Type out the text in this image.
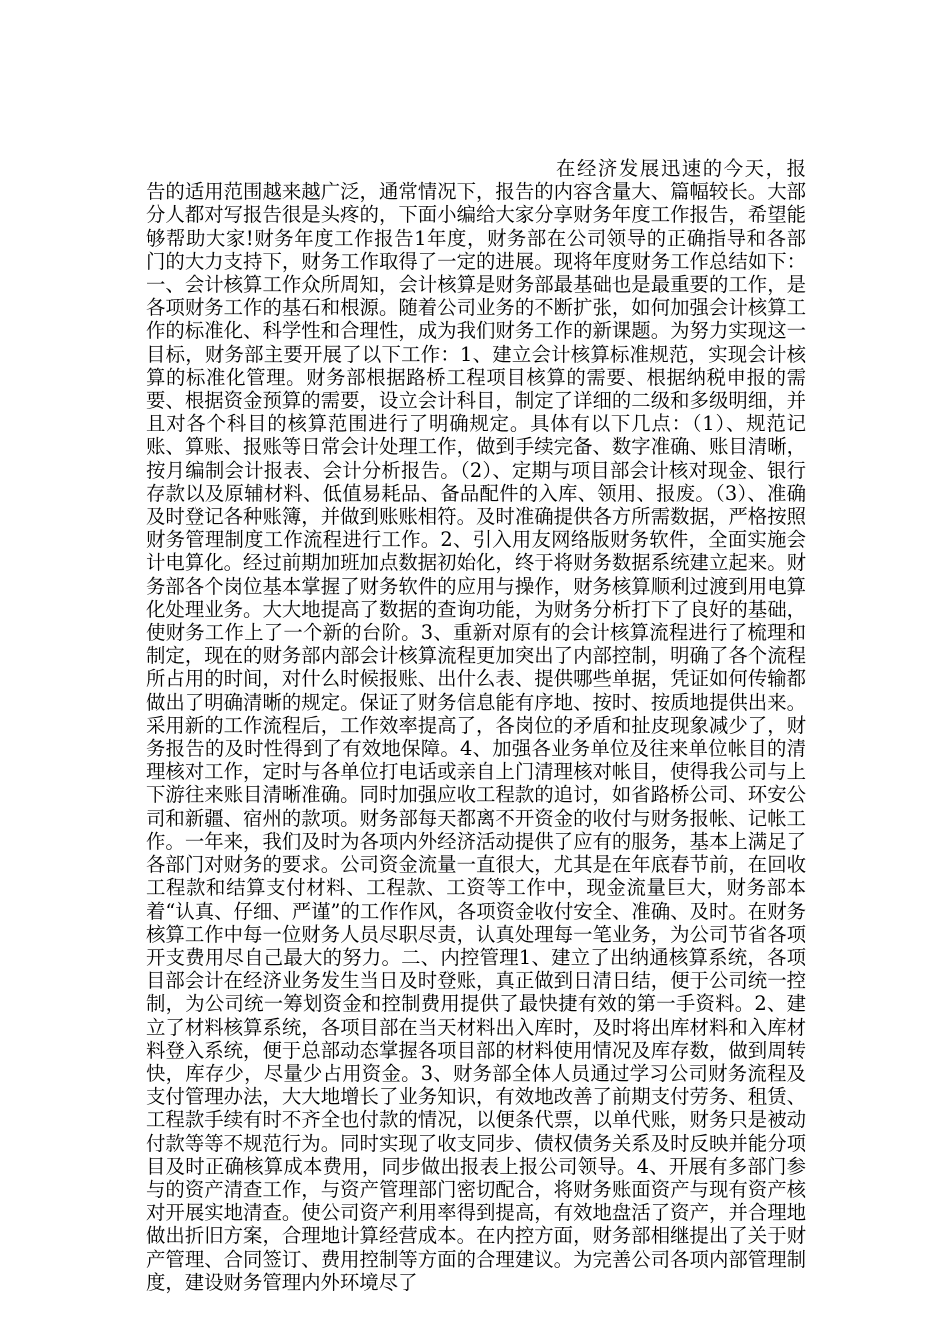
在经济发展迅速的今天，报告的适用范围越来越广泛，通常情况下，报告的内容含量大、篇幅较长。大部分人都对写报告很是头疼的，下面小编给大家分享财务年度工作报告，希望能够帮助大家!财务年度工作报告1年度，财务部在公司领导的正确指导和各部门的大力支持下，财务工作取得了一定的进展。现将年度财务工作总结如下：一、会计核算工作众所周知，会计核算是财务部最基础也是最重要的工作，是各项财务工作的基石和根源。随着公司业务的不断扩张，如何加强会计核算工作的标准化、科学性和合理性，成为我们财务工作的新课题。为努力实现这一目标，财务部主要开展了以下工作：1、建立会计核算标准规范，实现会计核算的标准化管理。财务部根据路桥工程项目核算的需要、根据纳税申报的需要、根据资金预算的需要，设立会计科目，制定了详细的二级和多级明细，并且对各个科目的核算范围进行了明确规定。具体有以下几点：（1）、规范记账、算账、报账等日常会计处理工作，做到手续完备、数字准确、账目清晰，按月编制会计报表、会计分析报告。（2）、定期与项目部会计核对现金、银行存款以及原辅材料、低值易耗品、备品配件的入库、领用、报废。（3）、准确及时登记各种账簿，并做到账账相符。及时准确提供各方所需数据，严格按照财务管理制度工作流程进行工作。2、引入用友网络版财务软件，全面实施会计电算化。经过前期加班加点数据初始化，终于将财务数据系统建立起来。财务部各个岗位基本掌握了财务软件的应用与操作，财务核算顺利过渡到用电算化处理业务。大大地提高了数据的查询功能，为财务分析打下了良好的基础，使财务工作上了一个新的台阶。3、重新对原有的会计核算流程进行了梳理和制定，现在的财务部内部会计核算流程更加突出了内部控制，明确了各个流程所占用的时间，对什么时候报账、出什么表、提供哪些单据，凭证如何传输都做出了明确清晰的规定。保证了财务信息能有序地、按时、按质地提供出来。采用新的工作流程后，工作效率提高了，各岗位的矛盾和扯皮现象减少了，财务报告的及时性得到了有效地保障。4、加强各业务单位及往来单位帐目的清理核对工作，定时与各单位打电话或亲自上门清理核对帐目，使得我公司与上下游往来账目清晰准确。同时加强应收工程款的追讨，如省路桥公司、环安公司和新疆、宿州的款项。财务部每天都离不开资金的收付与财务报帐、记帐工作。一年来，我们及时为各项内外经济活动提供了应有的服务，基本上满足了各部门对财务的要求。公司资金流量一直很大，尤其是在年底春节前，在回收工程款和结算支付材料、工程款、工资等工作中，现金流量巨大，财务部本着“认真、仔细、严谨”的工作作风，各项资金收付安全、准确、及时。在财务核算工作中每一位财务人员尽职尽责，认真处理每一笔业务，为公司节省各项开支费用尽自己最大的努力。二、内控管理1、建立了出纳通核算系统，各项目部会计在经济业务发生当日及时登账，真正做到日清日结，便于公司统一控制，为公司统一筹划资金和控制费用提供了最快捷有效的第一手资料。2、建立了材料核算系统，各项目部在当天材料出入库时，及时将出库材料和入库材料登入系统，便于总部动态掌握各项目部的材料使用情况及库存数，做到周转快，库存少，尽量少占用资金。3、财务部全体人员通过学习公司财务流程及支付管理办法，大大地增长了业务知识，有效地改善了前期支付劳务、租赁、工程款手续有时不齐全也付款的情况，以便条代票，以单代账，财务只是被动付款等等不规范行为。同时实现了收支同步、债权债务关系及时反映并能分项目及时正确核算成本费用，同步做出报表上报公司领导。4、开展有多部门参与的资产清查工作，与资产管理部门密切配合，将财务账面资产与现有资产核对开展实地清查。使公司资产利用率得到提高，有效地盘活了资产，并合理地做出折旧方案，合理地计算经营成本。在内控方面，财务部相继提出了关于财产管理、合同签订、费用控制等方面的合理建议。为完善公司各项内部管理制度，建设财务管理内外环境尽了
